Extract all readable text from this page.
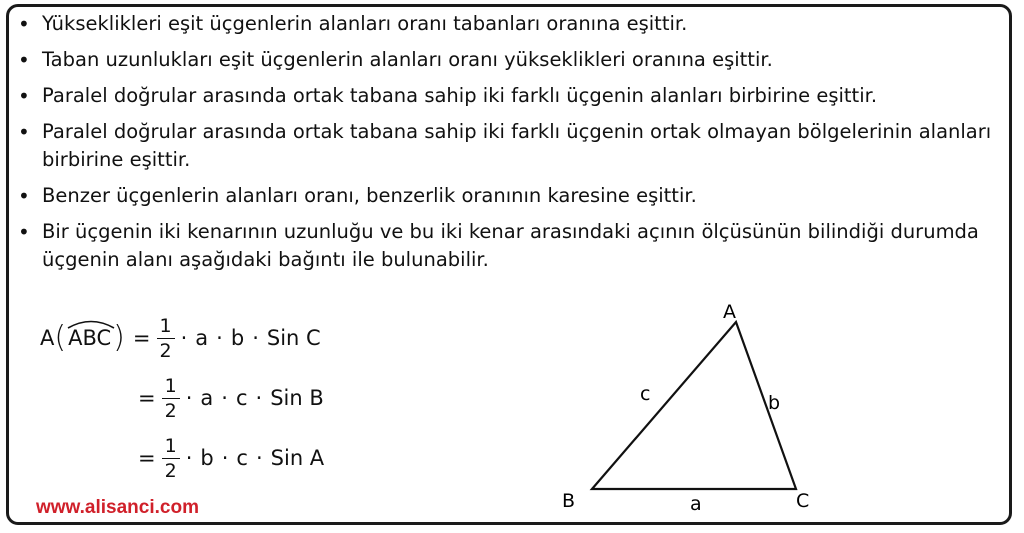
• Yükseklikleri eşit üçgenlerin alanları oranı tabanları oranına eşittir.
• Taban uzunlukları eşit üçgenlerin alanları oranı yükseklikleri oranına eşittir.
• Paralel doğrular arasında ortak tabana sahip iki farklı üçgenin alanları birbirine eşittir.
• Paralel doğrular arasında ortak tabana sahip iki farklı üçgenin ortak olmayan bölgelerinin alanları birbirine eşittir.
• Benzer üçgenlerin alanları oranı, benzerlik oranının karesine eşittir.
• Bir üçgenin iki kenarının uzunluğu ve bu iki kenar arasındaki açının ölçüsünün bilindiği durumda üçgenin alanı aşağıdaki bağıntı ile bulunabilir.
A ( ABC ) = $\frac{1}{2} \cdot a \cdot b$ · Sin C
= $\frac{1}{2} \cdot a \cdot c$ · Sin B
= $\frac{1}{2} \cdot b \cdot c$ · Sin A
A
B	C
a
b
c
www.alisanci.com
